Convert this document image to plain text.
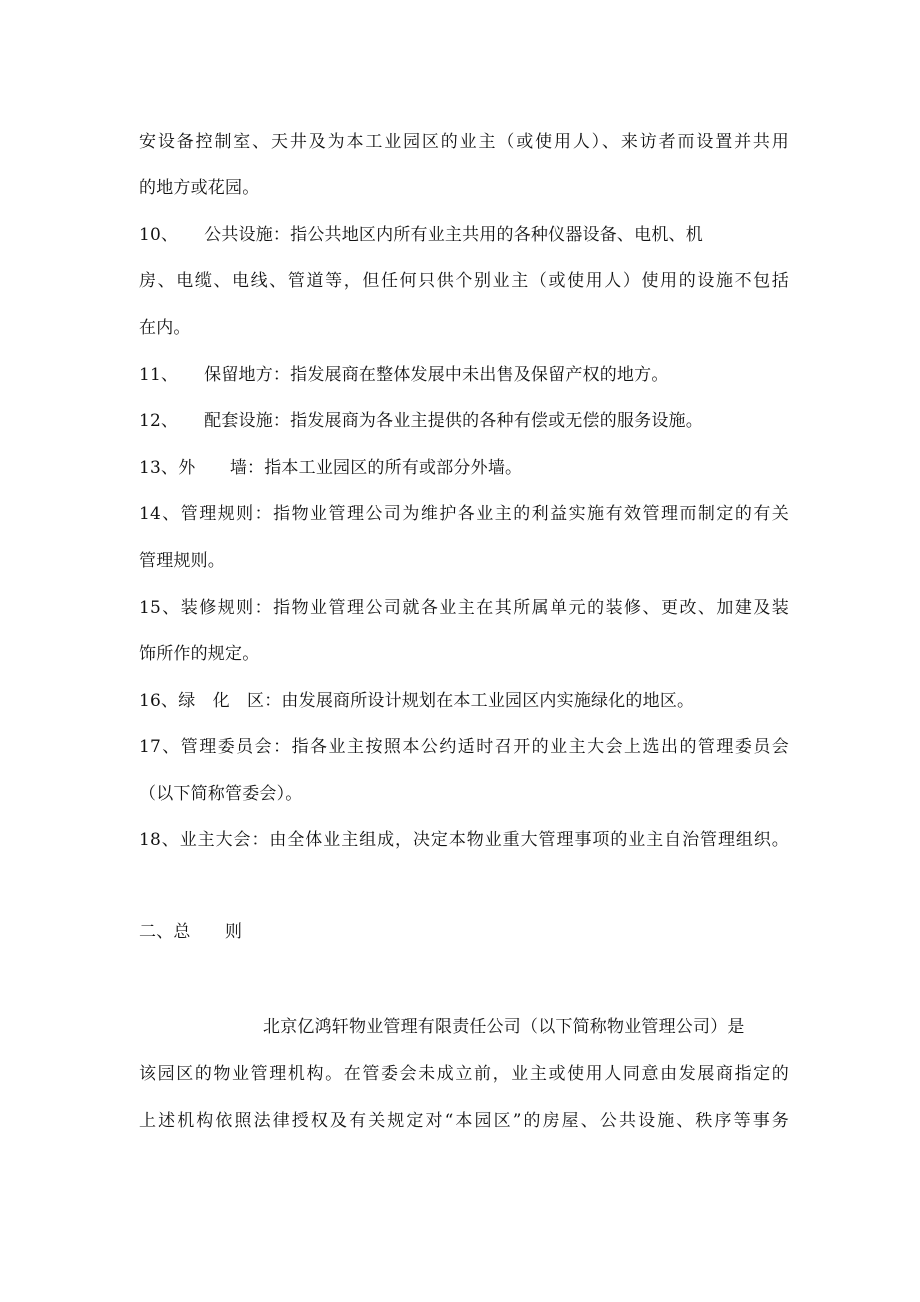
安设备控制室、天井及为本工业园区的业主（或使用人）、来访者而设置并共用
的地方或花园。
10、　　公共设施：指公共地区内所有业主共用的各种仪器设备、电机、机
房、电缆、电线、管道等，但任何只供个别业主（或使用人）使用的设施不包括
在内。
11、　　保留地方：指发展商在整体发展中未出售及保留产权的地方。
12、　　配套设施：指发展商为各业主提供的各种有偿或无偿的服务设施。
13、外　　墙：指本工业园区的所有或部分外墙。
14、管理规则：指物业管理公司为维护各业主的利益实施有效管理而制定的有关
管理规则。
15、装修规则：指物业管理公司就各业主在其所属单元的装修、更改、加建及装
饰所作的规定。
16、绿　化　区：由发展商所设计规划在本工业园区内实施绿化的地区。
17、管理委员会：指各业主按照本公约适时召开的业主大会上选出的管理委员会
（以下简称管委会）。
18、业主大会：由全体业主组成，决定本物业重大管理事项的业主自治管理组织。
二、总　　则
北京亿鸿轩物业管理有限责任公司（以下简称物业管理公司）是
该园区的物业管理机构。在管委会未成立前，业主或使用人同意由发展商指定的
上述机构依照法律授权及有关规定对“本园区”的房屋、公共设施、秩序等事务
